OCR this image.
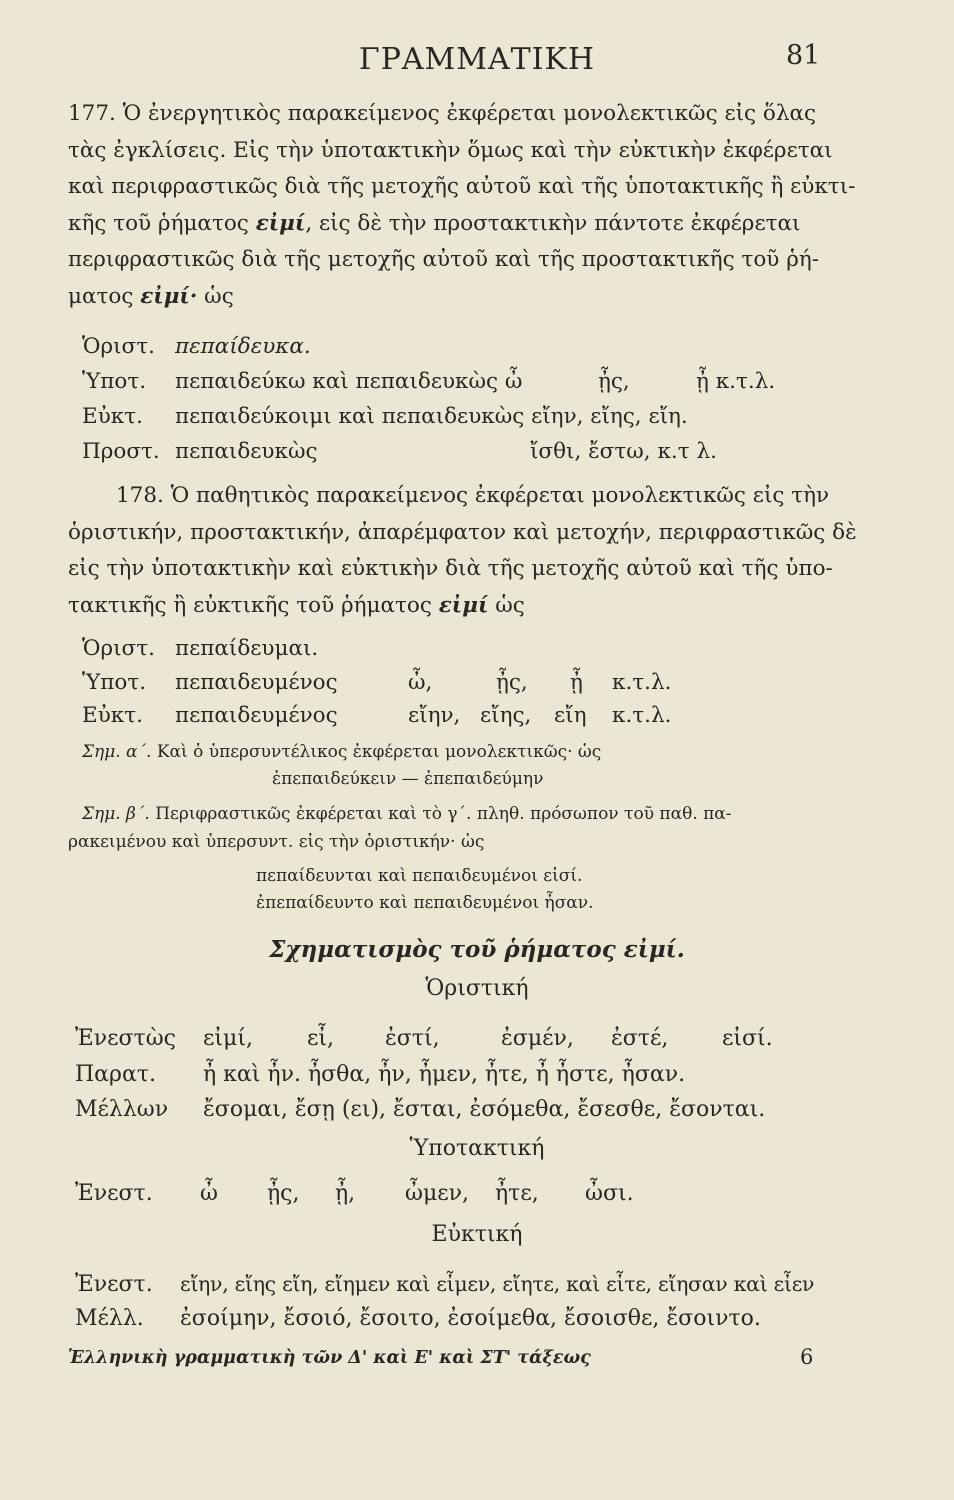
ΓΡΑΜΜΑΤΙΚΗ	81
177. Ὁ ἐνεργητικὸς παρακείμενος ἐκφέρεται μονολεκτικῶς εἰς ὅλας
τὰς ἐγκλίσεις. Εἰς τὴν ὑποτακτικὴν ὅμως καὶ τὴν εὐκτικὴν ἐκφέρεται
καὶ περιφραστικῶς διὰ τῆς μετοχῆς αὐτοῦ καὶ τῆς ὑποτακτικῆς ἢ εὐκτι-
κῆς τοῦ ῥήματος εἰμί, εἰς δὲ τὴν προστακτικὴν πάντοτε ἐκφέρεται
περιφραστικῶς διὰ τῆς μετοχῆς αὐτοῦ καὶ τῆς προστακτικῆς τοῦ ῥή-
ματος εἰμί· ὡς
Ὁριστ. πεπαίδευκα.
Ὑποτ. πεπαιδεύκω καὶ πεπαιδευκὼς ὦ	ᾖς,	ᾖ κ.τ.λ.
Εὐκτ. πεπαιδεύκοιμι καὶ πεπαιδευκὼς εἴην, εἴης, εἴη.
Προστ. πεπαιδευκὼς	ἴσθι, ἔστω, κ.τ λ.
178. Ὁ παθητικὸς παρακείμενος ἐκφέρεται μονολεκτικῶς εἰς τὴν
ὁριστικήν, προστακτικήν, ἀπαρέμφατον καὶ μετοχήν, περιφραστικῶς δὲ
εἰς τὴν ὑποτακτικὴν καὶ εὐκτικὴν διὰ τῆς μετοχῆς αὐτοῦ καὶ τῆς ὑπο-
τακτικῆς ἢ εὐκτικῆς τοῦ ῥήματος εἰμί ὡς
Ὁριστ. πεπαίδευμαι.
Ὑποτ. πεπαιδευμένος	ὦ,	ᾖς, ᾖ κ.τ.λ.
Εὐκτ. πεπαιδευμένος	εἴην, εἴης, εἴη κ.τ.λ.
Σημ. α΄. Καὶ ὁ ὑπερσυντέλικος ἐκφέρεται μονολεκτικῶς· ὡς
ἐπεπαιδεύκειν — ἐπεπαιδεύμην
Σημ. β΄. Περιφραστικῶς ἐκφέρεται καὶ τὸ γ΄. πληθ. πρόσωπον τοῦ παθ. πα-
ρακειμένου καὶ ὑπερσυντ. εἰς τὴν ὁριστικήν· ὡς
πεπαίδευνται καὶ πεπαιδευμένοι εἰσί.
ἐπεπαίδευντο καὶ πεπαιδευμένοι ἦσαν.
Σχηματισμὸς τοῦ ῥήματος εἰμί.
Ὁριστική
Ἐνεστὼς εἰμί, εἶ, ἐστί,	ἐσμέν, ἐστέ, εἰσί.
Παρατ. ἦ καὶ ἦν. ἦσθα, ἦν, ἦμεν, ἦτε, ἦ ἦστε, ἦσαν.
Μέλλων ἔσομαι, ἔσῃ (ει), ἔσται, ἐσόμεθα, ἔσεσθε, ἔσονται.
Ὑποτακτική
Ἐνεστ. ὦ ᾖς, ᾖ, ὦμεν, ἦτε, ὦσι.
Εὐκτική
Ἐνεστ. εἴην, εἴης εἴη, εἴημεν καὶ εἶμεν, εἴητε, καὶ εἶτε, εἴησαν καὶ εἶεν
Μέλλ. ἐσοίμην, ἔσοιό, ἔσοιτο, ἐσοίμεθα, ἔσοισθε, ἔσοιντο.
Ἑλληνικὴ γραμματικὴ τῶν Δ' καὶ Ε' καὶ ΣΤ' τάξεως	6
